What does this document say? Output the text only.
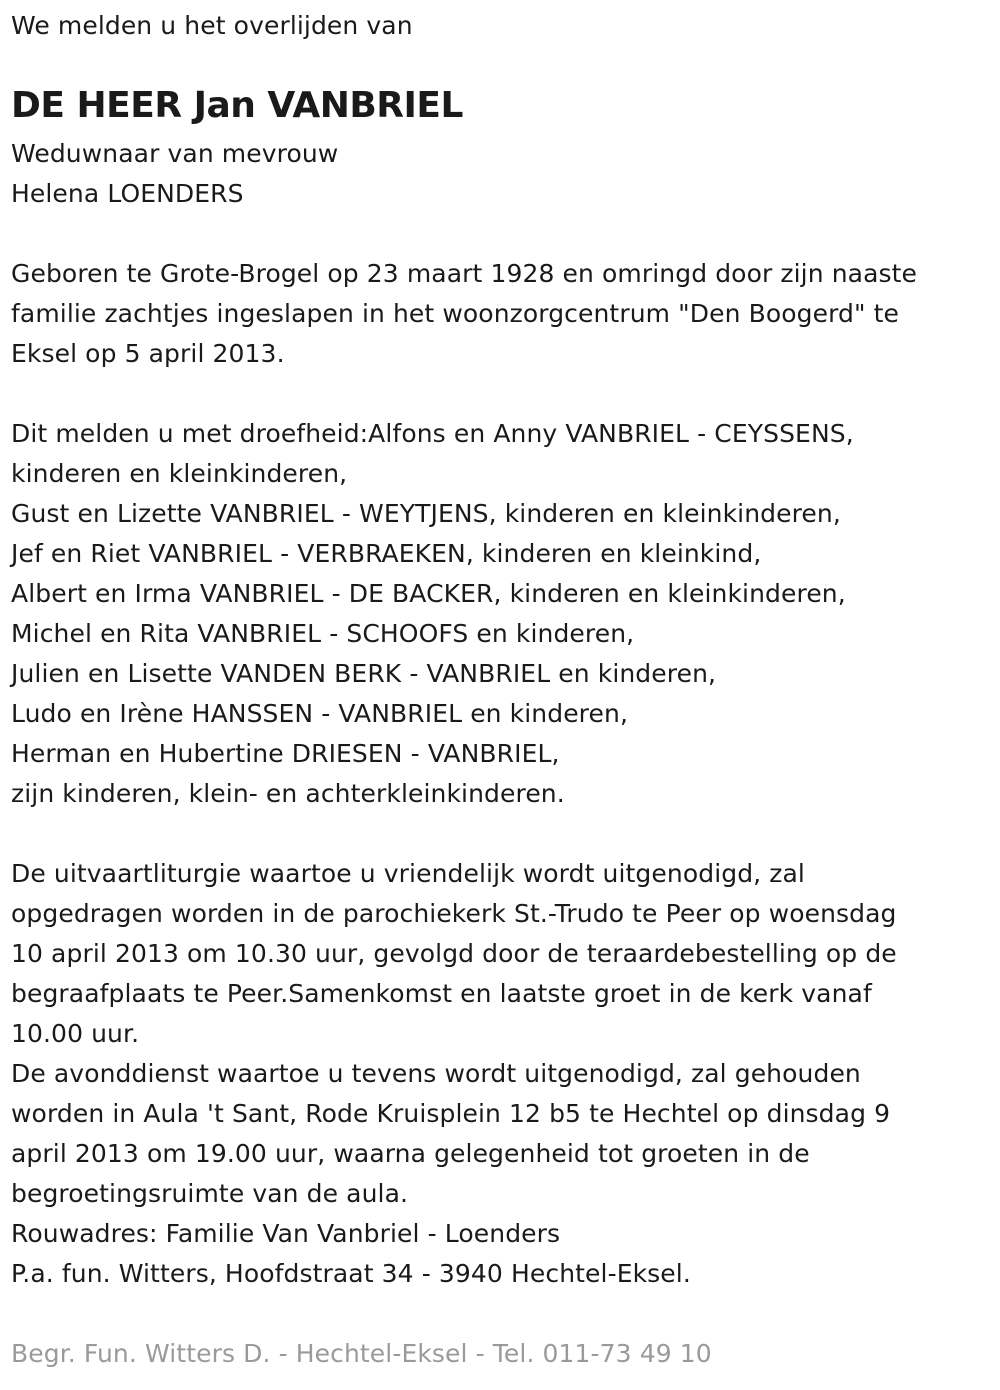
We melden u het overlijden van
DE HEER Jan VANBRIEL
Weduwnaar van mevrouw
Helena LOENDERS
Geboren te Grote-Brogel op 23 maart 1928 en omringd door zijn naaste
familie zachtjes ingeslapen in het woonzorgcentrum "Den Boogerd" te
Eksel op 5 april 2013.
Dit melden u met droefheid:Alfons en Anny VANBRIEL - CEYSSENS,
kinderen en kleinkinderen,
Gust en Lizette VANBRIEL - WEYTJENS, kinderen en kleinkinderen,
Jef en Riet VANBRIEL - VERBRAEKEN, kinderen en kleinkind,
Albert en Irma VANBRIEL - DE BACKER, kinderen en kleinkinderen,
Michel en Rita VANBRIEL - SCHOOFS en kinderen,
Julien en Lisette VANDEN BERK - VANBRIEL en kinderen,
Ludo en Irène HANSSEN - VANBRIEL en kinderen,
Herman en Hubertine DRIESEN - VANBRIEL,
zijn kinderen, klein- en achterkleinkinderen.
De uitvaartliturgie waartoe u vriendelijk wordt uitgenodigd, zal
opgedragen worden in de parochiekerk St.-Trudo te Peer op woensdag
10 april 2013 om 10.30 uur, gevolgd door de teraardebestelling op de
begraafplaats te Peer.Samenkomst en laatste groet in de kerk vanaf
10.00 uur.
De avonddienst waartoe u tevens wordt uitgenodigd, zal gehouden
worden in Aula 't Sant, Rode Kruisplein 12 b5 te Hechtel op dinsdag 9
april 2013 om 19.00 uur, waarna gelegenheid tot groeten in de
begroetingsruimte van de aula.
Rouwadres: Familie Van Vanbriel - Loenders
P.a. fun. Witters, Hoofdstraat 34 - 3940 Hechtel-Eksel.
Begr. Fun. Witters D. - Hechtel-Eksel - Tel. 011-73 49 10
